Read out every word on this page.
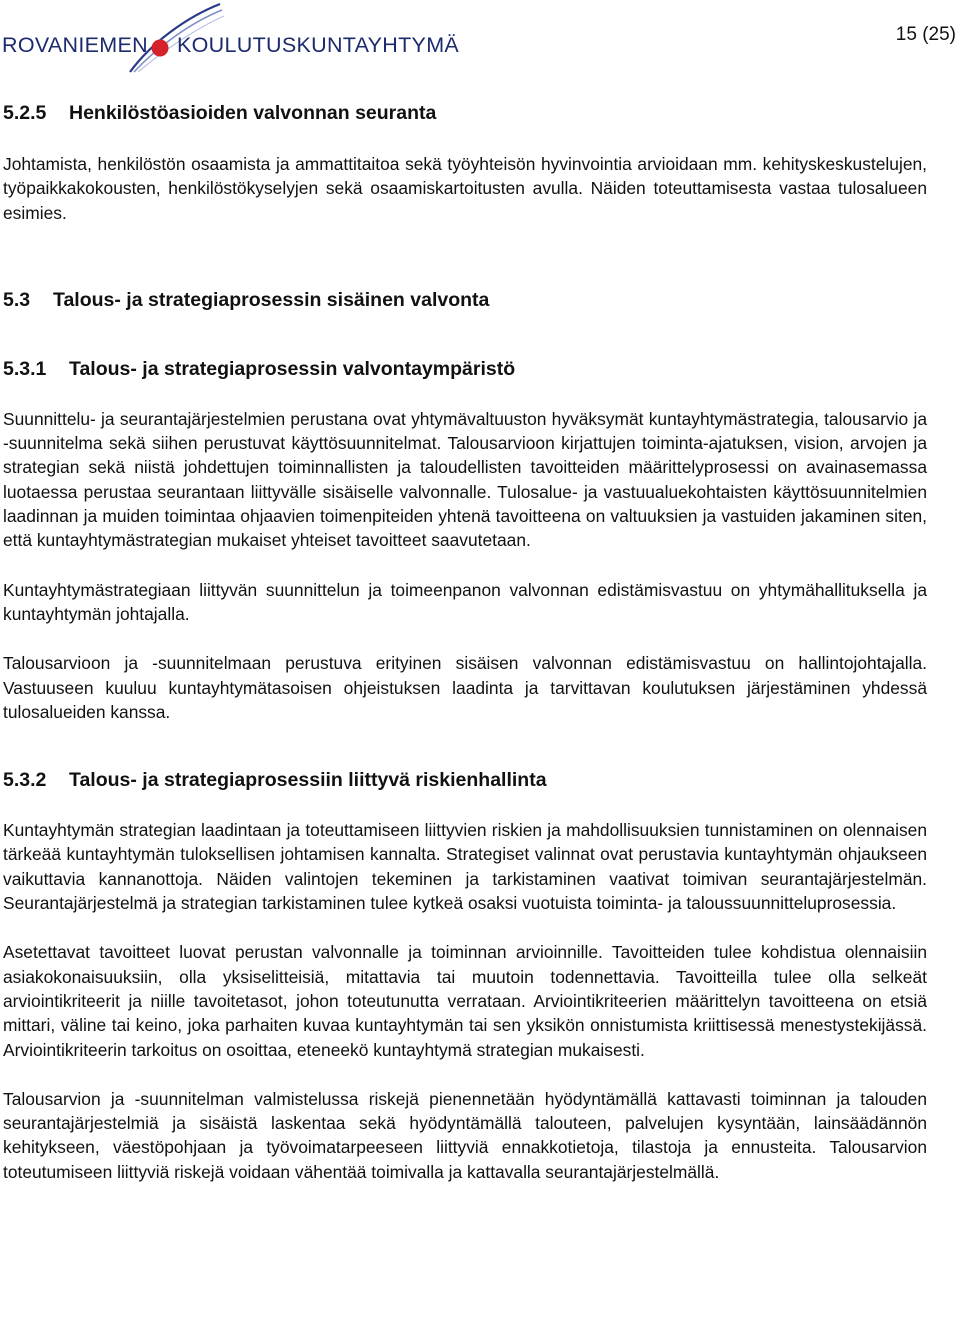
ROVANIEMEN KOULUTUSKUNTAYHTYMÄ	15 (25)
5.2.5	Henkilöstöasioiden valvonnan seuranta

Johtamista, henkilöstön osaamista ja ammattitaitoa sekä työyhteisön hyvinvointia arvioidaan mm. kehityskeskustelujen, työpaikkakokousten, henkilöstökyselyjen sekä osaamiskartoitusten avulla. Näiden toteuttamisesta vastaa tulosalueen esimies.

5.3	Talous- ja strategiaprosessin sisäinen valvonta
5.3.1	Talous- ja strategiaprosessin valvontaympäristö

Suunnittelu- ja seurantajärjestelmien perustana ovat yhtymävaltuuston hyväksymät kuntayhtymästrategia, talousarvio ja -suunnitelma sekä siihen perustuvat käyttösuunnitelmat. Talousarvioon kirjattujen toiminta-ajatuksen, vision, arvojen ja strategian sekä niistä johdettujen toiminnallisten ja taloudellisten tavoitteiden määrittelyprosessi on avainasemassa luotaessa perustaa seurantaan liittyvälle sisäiselle valvonnalle. Tulosalue- ja vastuualuekohtaisten käyttösuunnitelmien laadinnan ja muiden toimintaa ohjaavien toimenpiteiden yhtenä tavoitteena on valtuuksien ja vastuiden jakaminen siten, että kuntayhtymästrategian mukaiset yhteiset tavoitteet saavutetaan.

Kuntayhtymästrategiaan liittyvän suunnittelun ja toimeenpanon valvonnan edistämisvastuu on yhtymähallituksella ja kuntayhtymän johtajalla.

Talousarvioon ja -suunnitelmaan perustuva erityinen sisäisen valvonnan edistämisvastuu on hallintojohtajalla. Vastuuseen kuuluu kuntayhtymätasoisen ohjeistuksen laadinta ja tarvittavan koulutuksen järjestäminen yhdessä tulosalueiden kanssa.

5.3.2	Talous- ja strategiaprosessiin liittyvä riskienhallinta

Kuntayhtymän strategian laadintaan ja toteuttamiseen liittyvien riskien ja mahdollisuuksien tunnistaminen on olennaisen tärkeää kuntayhtymän tuloksellisen johtamisen kannalta. Strategiset valinnat ovat perustavia kuntayhtymän ohjaukseen vaikuttavia kannanottoja. Näiden valintojen tekeminen ja tarkistaminen vaativat toimivan seurantajärjestelmän. Seurantajärjestelmä ja strategian tarkistaminen tulee kytkeä osaksi vuotuista toiminta- ja taloussuunnitteluprosessia.

Asetettavat tavoitteet luovat perustan valvonnalle ja toiminnan arvioinnille. Tavoitteiden tulee kohdistua olennaisiin asiakokonaisuuksiin, olla yksiselitteisiä, mitattavia tai muutoin todennettavia. Tavoitteilla tulee olla selkeät arviointikriteerit ja niille tavoitetasot, johon toteutunutta verrataan. Arviointikriteerien määrittelyn tavoitteena on etsiä mittari, väline tai keino, joka parhaiten kuvaa kuntayhtymän tai sen yksikön onnistumista kriittisessä menestystekijässä. Arviointikriteerin tarkoitus on osoittaa, eteneekö kuntayhtymä strategian mukaisesti.

Talousarvion ja -suunnitelman valmistelussa riskejä pienennetään hyödyntämällä kattavasti toiminnan ja talouden seurantajärjestelmiä ja sisäistä laskentaa sekä hyödyntämällä talouteen, palvelujen kysyntään, lainsäädännön kehitykseen, väestöpohjaan ja työvoimatarpeeseen liittyviä ennakkotietoja, tilastoja ja ennusteita. Talousarvion toteutumiseen liittyviä riskejä voidaan vähentää toimivalla ja kattavalla seurantajärjestelmällä.
